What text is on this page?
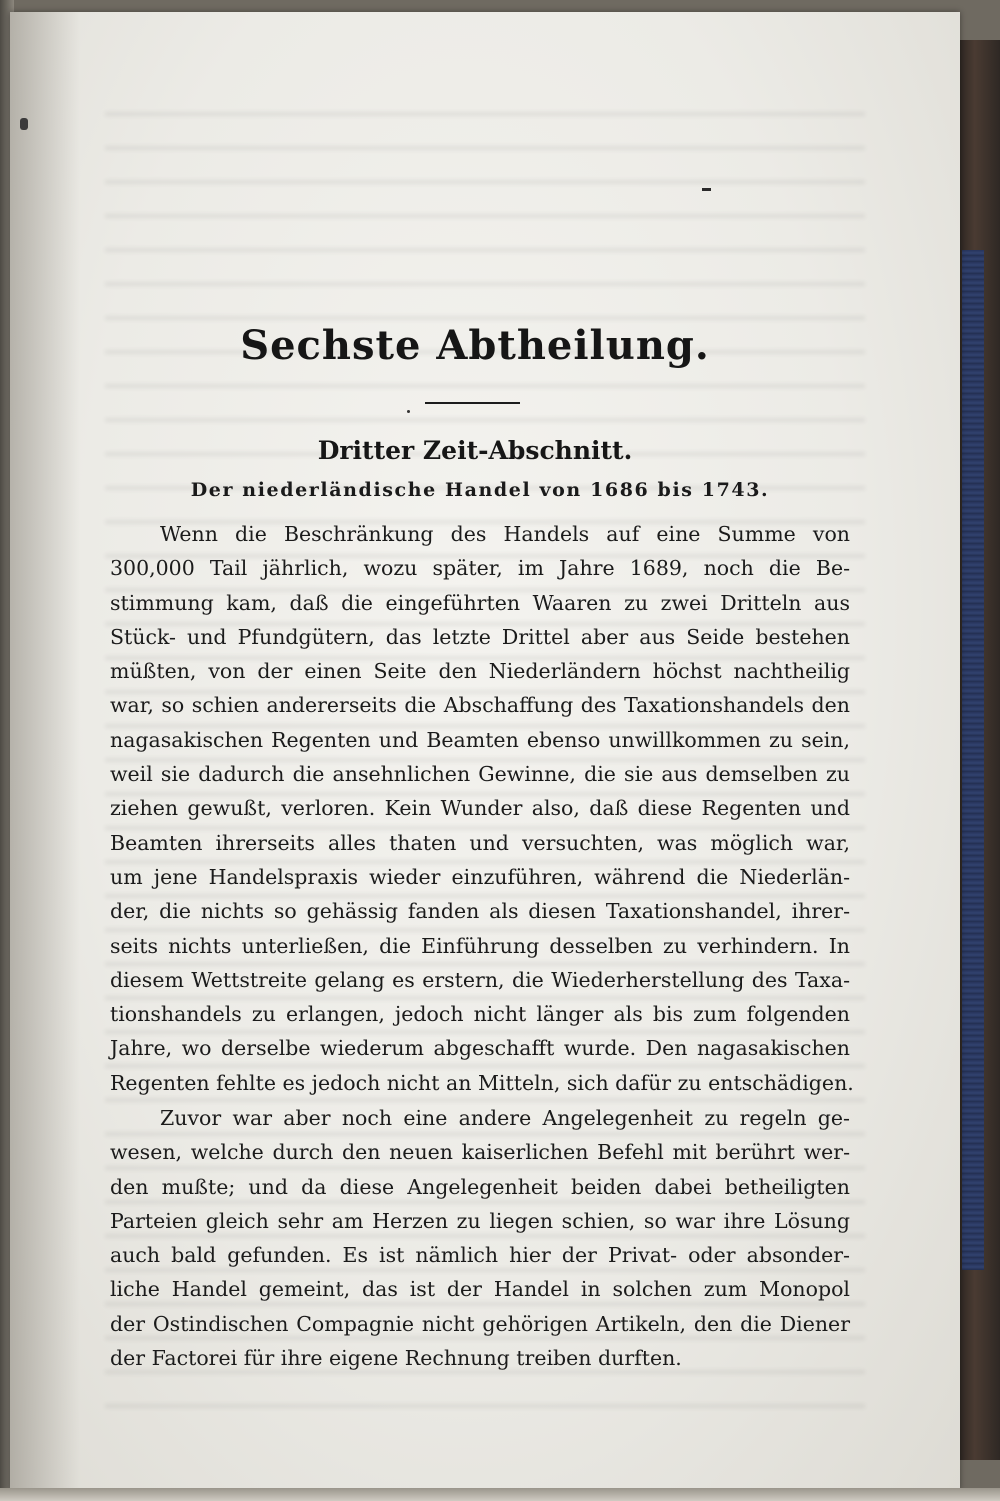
Sechste Abtheilung.
Dritter Zeit-Abschnitt.
Der niederländische Handel von 1686 bis 1743.
Wenn die Beschränkung des Handels auf eine Summe von
300,000 Tail jährlich, wozu später, im Jahre 1689, noch die Be-
stimmung kam, daß die eingeführten Waaren zu zwei Dritteln aus
Stück- und Pfundgütern, das letzte Drittel aber aus Seide bestehen
müßten, von der einen Seite den Niederländern höchst nachtheilig
war, so schien andererseits die Abschaffung des Taxationshandels den
nagasakischen Regenten und Beamten ebenso unwillkommen zu sein,
weil sie dadurch die ansehnlichen Gewinne, die sie aus demselben zu
ziehen gewußt, verloren. Kein Wunder also, daß diese Regenten und
Beamten ihrerseits alles thaten und versuchten, was möglich war,
um jene Handelspraxis wieder einzuführen, während die Niederlän-
der, die nichts so gehässig fanden als diesen Taxationshandel, ihrer-
seits nichts unterließen, die Einführung desselben zu verhindern. In
diesem Wettstreite gelang es erstern, die Wiederherstellung des Taxa-
tionshandels zu erlangen, jedoch nicht länger als bis zum folgenden
Jahre, wo derselbe wiederum abgeschafft wurde. Den nagasakischen
Regenten fehlte es jedoch nicht an Mitteln, sich dafür zu entschädigen.
Zuvor war aber noch eine andere Angelegenheit zu regeln ge-
wesen, welche durch den neuen kaiserlichen Befehl mit berührt wer-
den mußte; und da diese Angelegenheit beiden dabei betheiligten
Parteien gleich sehr am Herzen zu liegen schien, so war ihre Lösung
auch bald gefunden. Es ist nämlich hier der Privat- oder absonder-
liche Handel gemeint, das ist der Handel in solchen zum Monopol
der Ostindischen Compagnie nicht gehörigen Artikeln, den die Diener
der Factorei für ihre eigene Rechnung treiben durften.
